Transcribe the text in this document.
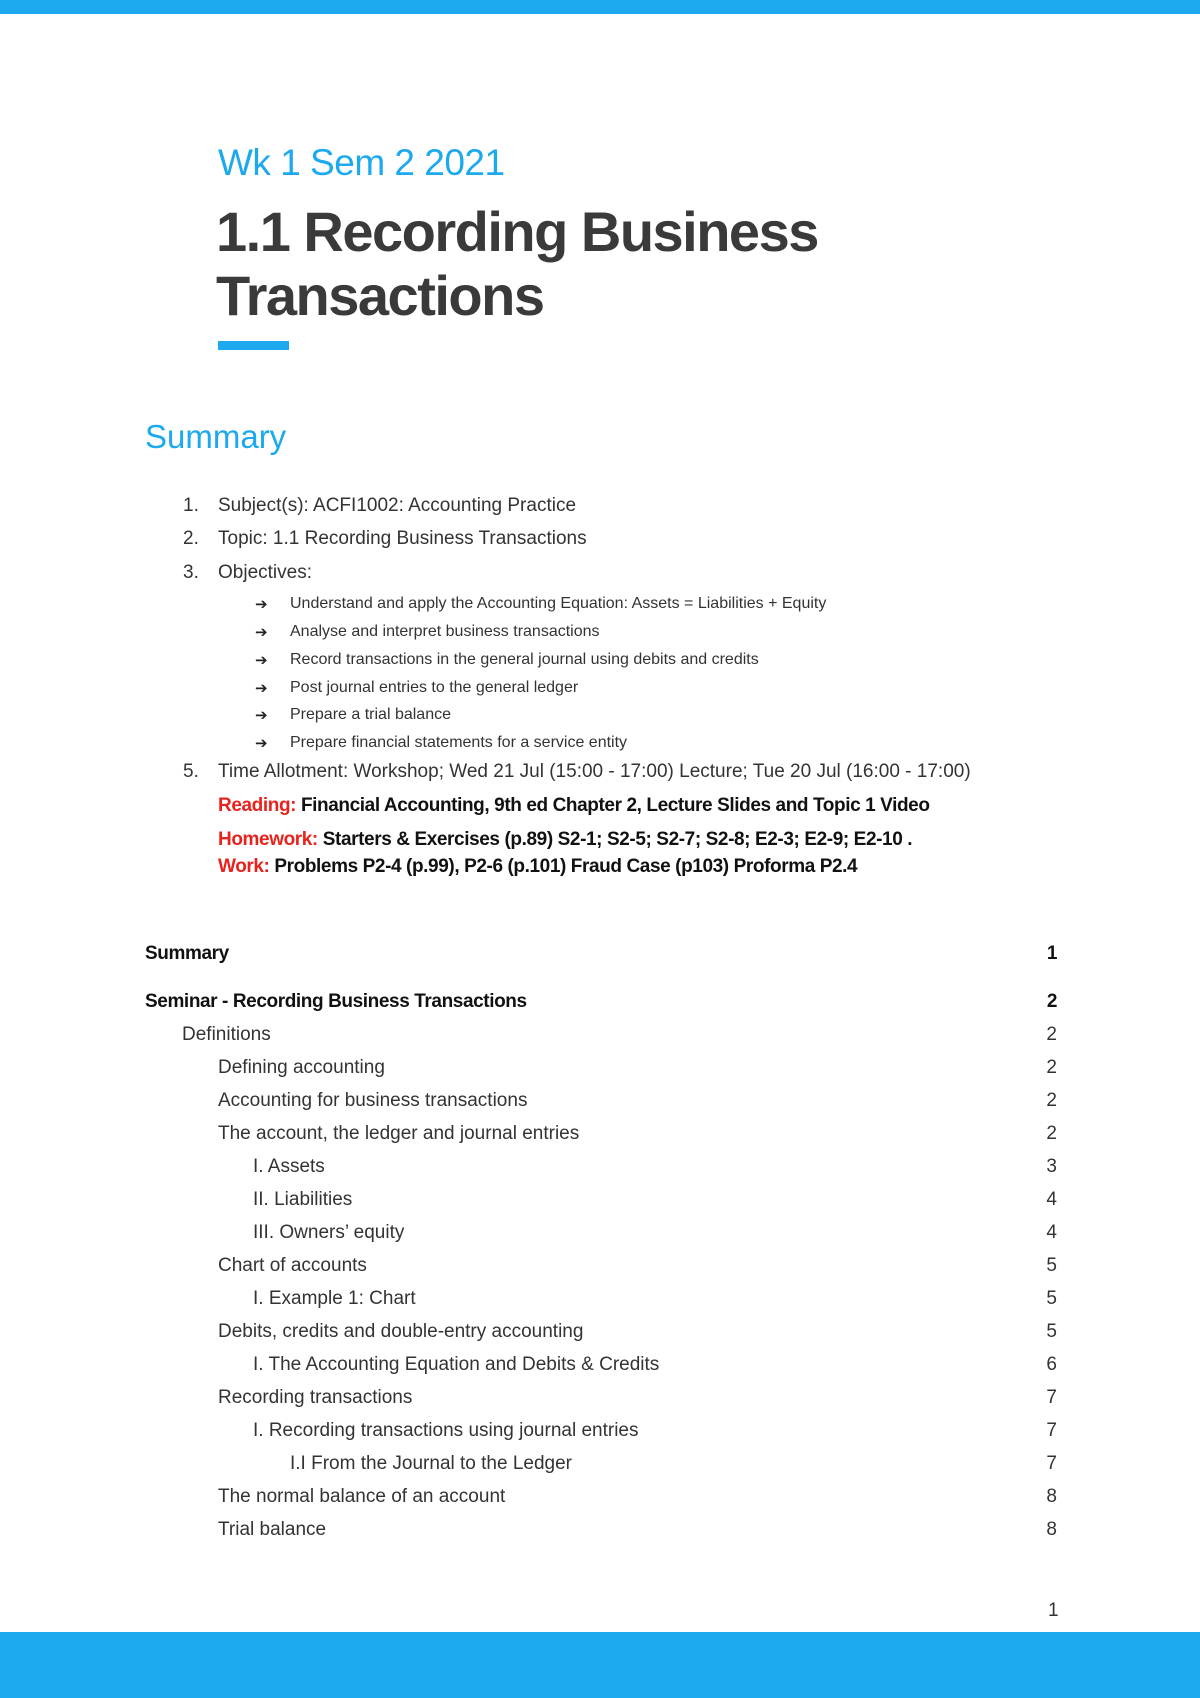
Wk 1 Sem 2 2021
1.1 Recording Business Transactions
Summary
1. Subject(s): ACFI1002: Accounting Practice
2. Topic: 1.1 Recording Business Transactions
3. Objectives:
➔ Understand and apply the Accounting Equation: Assets = Liabilities + Equity
➔ Analyse and interpret business transactions
➔ Record transactions in the general journal using debits and credits
➔ Post journal entries to the general ledger
➔ Prepare a trial balance
➔ Prepare financial statements for a service entity
5. Time Allotment: Workshop; Wed 21 Jul (15:00 - 17:00) Lecture; Tue 20 Jul (16:00 - 17:00)
Reading: Financial Accounting, 9th ed Chapter 2, Lecture Slides and Topic 1 Video
Homework: Starters & Exercises (p.89) S2-1; S2-5; S2-7; S2-8; E2-3; E2-9; E2-10 .
Work: Problems P2-4 (p.99), P2-6 (p.101) Fraud Case (p103) Proforma P2.4
Summary	1
Seminar - Recording Business Transactions	2
Definitions	2
Defining accounting	2
Accounting for business transactions	2
The account, the ledger and journal entries	2
I. Assets	3
II. Liabilities	4
III. Owners’ equity	4
Chart of accounts	5
I. Example 1: Chart	5
Debits, credits and double-entry accounting	5
I. The Accounting Equation and Debits & Credits	6
Recording transactions	7
I. Recording transactions using journal entries	7
I.I From the Journal to the Ledger	7
The normal balance of an account	8
Trial balance	8
1
